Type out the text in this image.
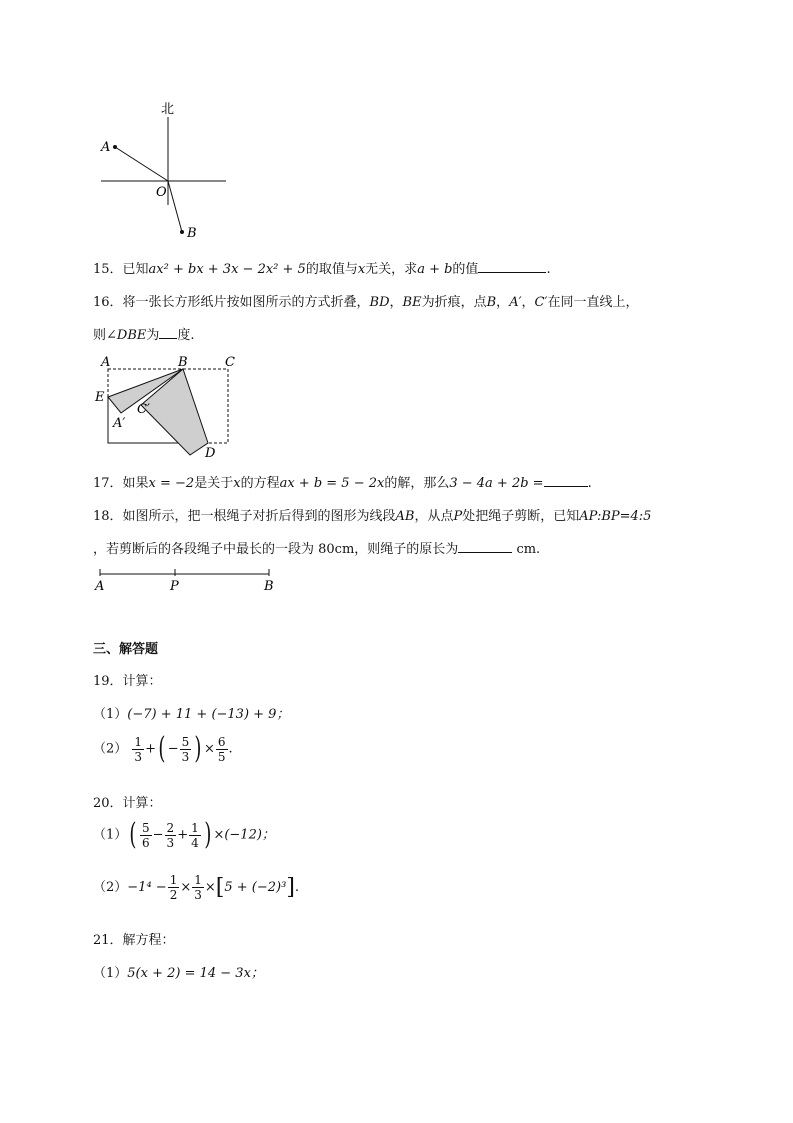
北
A
O
B
15．已知ax² + bx + 3x − 2x² + 5的取值与x无关，求a + b的值	.
16．将一张长方形纸片按如图所示的方式折叠，BD，BE为折痕，点B，A′，C′在同一直线上，
则∠DBE为 度.
A	B	C
E
C′
A′
D
17．如果x = −2是关于x的方程ax + b = 5 − 2x的解，那么3 − 4a + 2b =	.
18．如图所示，把一根绳子对折后得到的图形为线段AB，从点P处把绳子剪断，已知AP:BP=4:5
，若剪断后的各段绳子中最长的一段为 80cm，则绳子的原长为	cm.
A	P	B
三、解答题
19．计算：
（1）(−7) + 11 + (−13) + 9；
$(2) \frac{1}{3}$ +( − $\frac{5}{3}$ ) × $\frac{6}{5}$ .
20．计算：
$(1)( \frac{5}{6} - \frac{2}{3} + \frac{1}{4}$ ) ×(−12)；
$(2)-1^4 - \frac{1}{2} \times \frac{1}{3} \times[5 + (-2)^3]$.
21．解方程：
（1）5(x + 2) = 14 − 3x；
